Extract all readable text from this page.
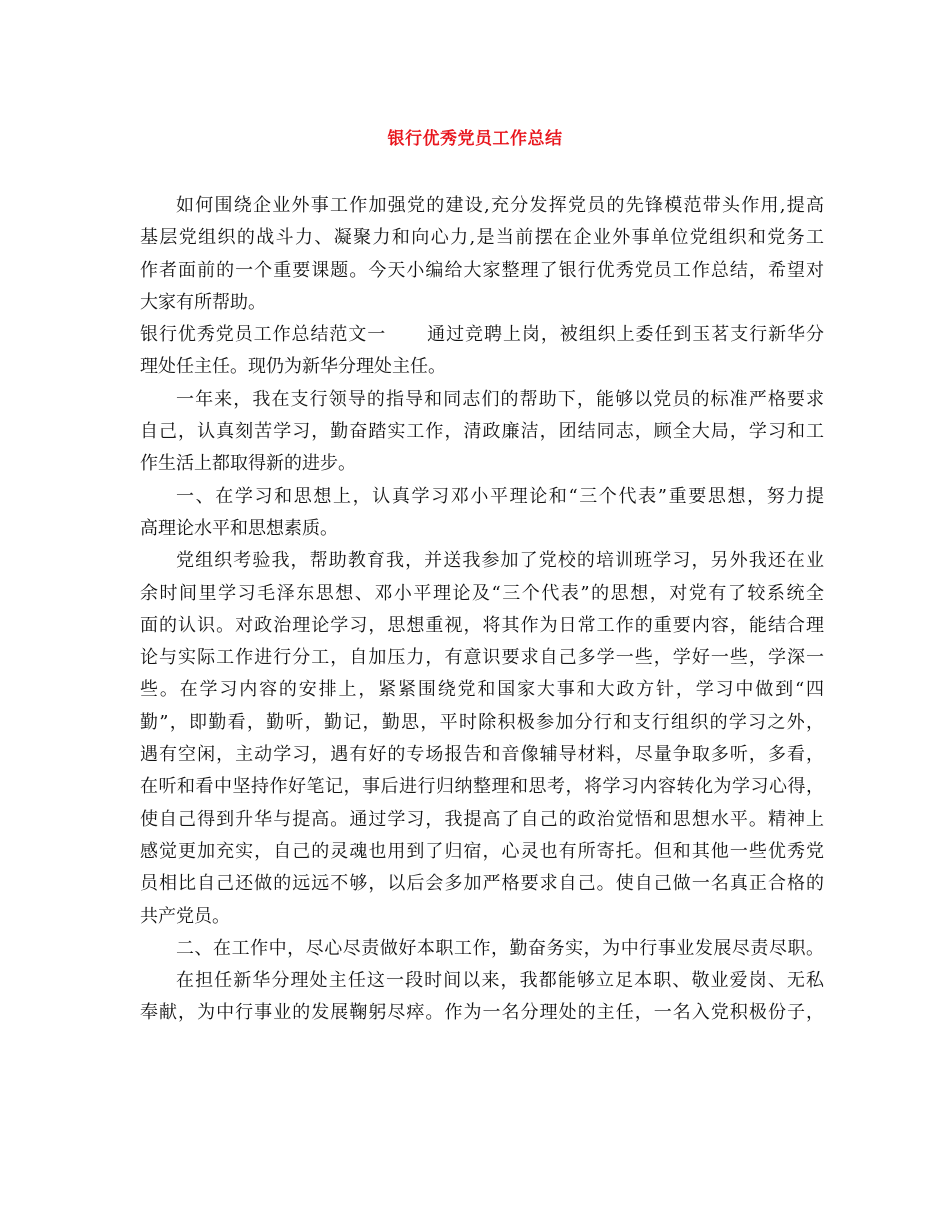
银行优秀党员工作总结
如何围绕企业外事工作加强党的建设,充分发挥党员的先锋模范带头作用,提高
基层党组织的战斗力、凝聚力和向心力,是当前摆在企业外事单位党组织和党务工
作者面前的一个重要课题。今天小编给大家整理了银行优秀党员工作总结，希望对
大家有所帮助。
银行优秀党员工作总结范文一 通过竞聘上岗，被组织上委任到玉茗支行新华分
理处任主任。现仍为新华分理处主任。
一年来，我在支行领导的指导和同志们的帮助下，能够以党员的标准严格要求
自己，认真刻苦学习，勤奋踏实工作，清政廉洁，团结同志，顾全大局，学习和工
作生活上都取得新的进步。
一、在学习和思想上，认真学习邓小平理论和“三个代表”重要思想，努力提
高理论水平和思想素质。
党组织考验我，帮助教育我，并送我参加了党校的培训班学习，另外我还在业
余时间里学习毛泽东思想、邓小平理论及“三个代表”的思想，对党有了较系统全
面的认识。对政治理论学习，思想重视，将其作为日常工作的重要内容，能结合理
论与实际工作进行分工，自加压力，有意识要求自己多学一些，学好一些，学深一
些。在学习内容的安排上，紧紧围绕党和国家大事和大政方针，学习中做到“四
勤”，即勤看，勤听，勤记，勤思，平时除积极参加分行和支行组织的学习之外，
遇有空闲，主动学习，遇有好的专场报告和音像辅导材料，尽量争取多听，多看，
在听和看中坚持作好笔记，事后进行归纳整理和思考，将学习内容转化为学习心得，
使自己得到升华与提高。通过学习，我提高了自己的政治觉悟和思想水平。精神上
感觉更加充实，自己的灵魂也用到了归宿，心灵也有所寄托。但和其他一些优秀党
员相比自己还做的远远不够，以后会多加严格要求自己。使自己做一名真正合格的
共产党员。
二、在工作中，尽心尽责做好本职工作，勤奋务实，为中行事业发展尽责尽职。
在担任新华分理处主任这一段时间以来，我都能够立足本职、敬业爱岗、无私
奉献，为中行事业的发展鞠躬尽瘁。作为一名分理处的主任，一名入党积极份子，
